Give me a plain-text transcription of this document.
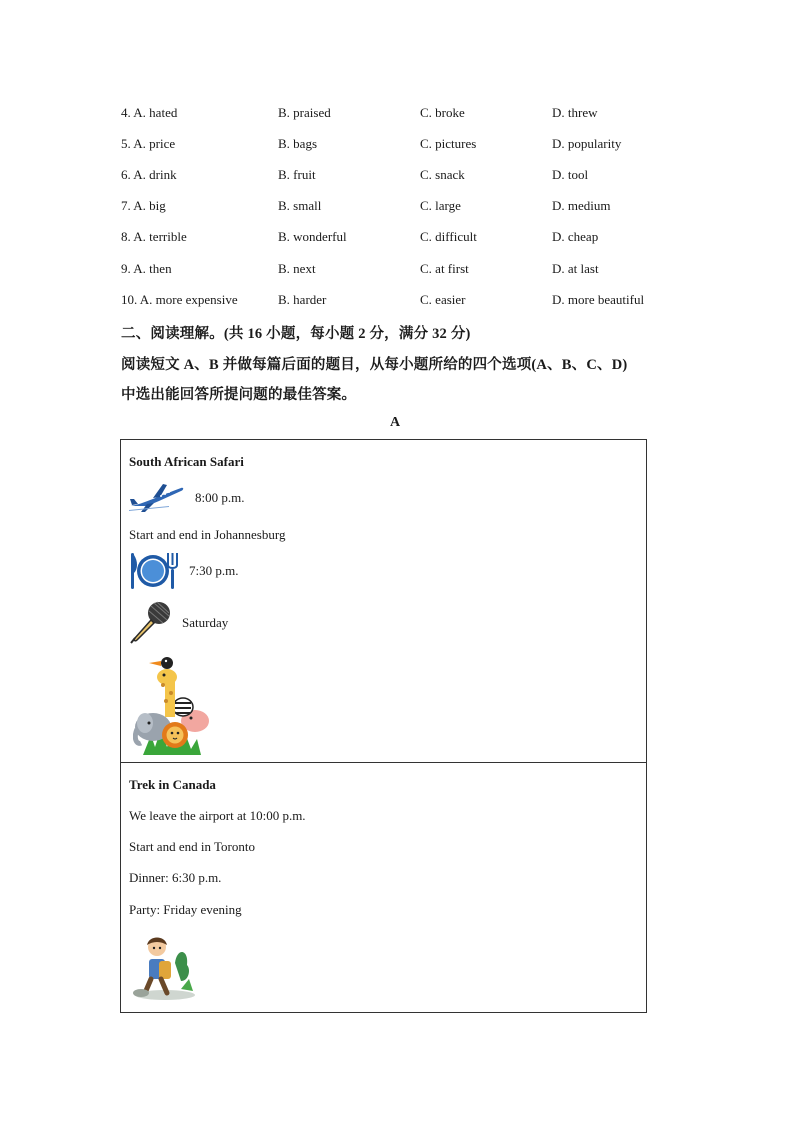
4. A. hated	B. praised	C. broke	D. threw
5. A. price	B. bags	C. pictures	D. popularity
6. A. drink	B. fruit	C. snack	D. tool
7. A. big	B. small	C. large	D. medium
8. A. terrible	B. wonderful	C. difficult	D. cheap
9. A. then	B. next	C. at first	D. at last
10. A. more expensive	B. harder	C. easier	D. more beautiful
二、阅读理解。(共 16 小题，每小题 2 分，满分 32 分)
阅读短文 A、B 并做每篇后面的题目，从每小题所给的四个选项(A、B、C、D)
中选出能回答所提问题的最佳答案。
A
South African Safari
8:00 p.m.
Start and end in Johannesburg
7:30 p.m.
Saturday
Trek in Canada
We leave the airport at 10:00 p.m.
Start and end in Toronto
Dinner: 6:30 p.m.
Party: Friday evening
